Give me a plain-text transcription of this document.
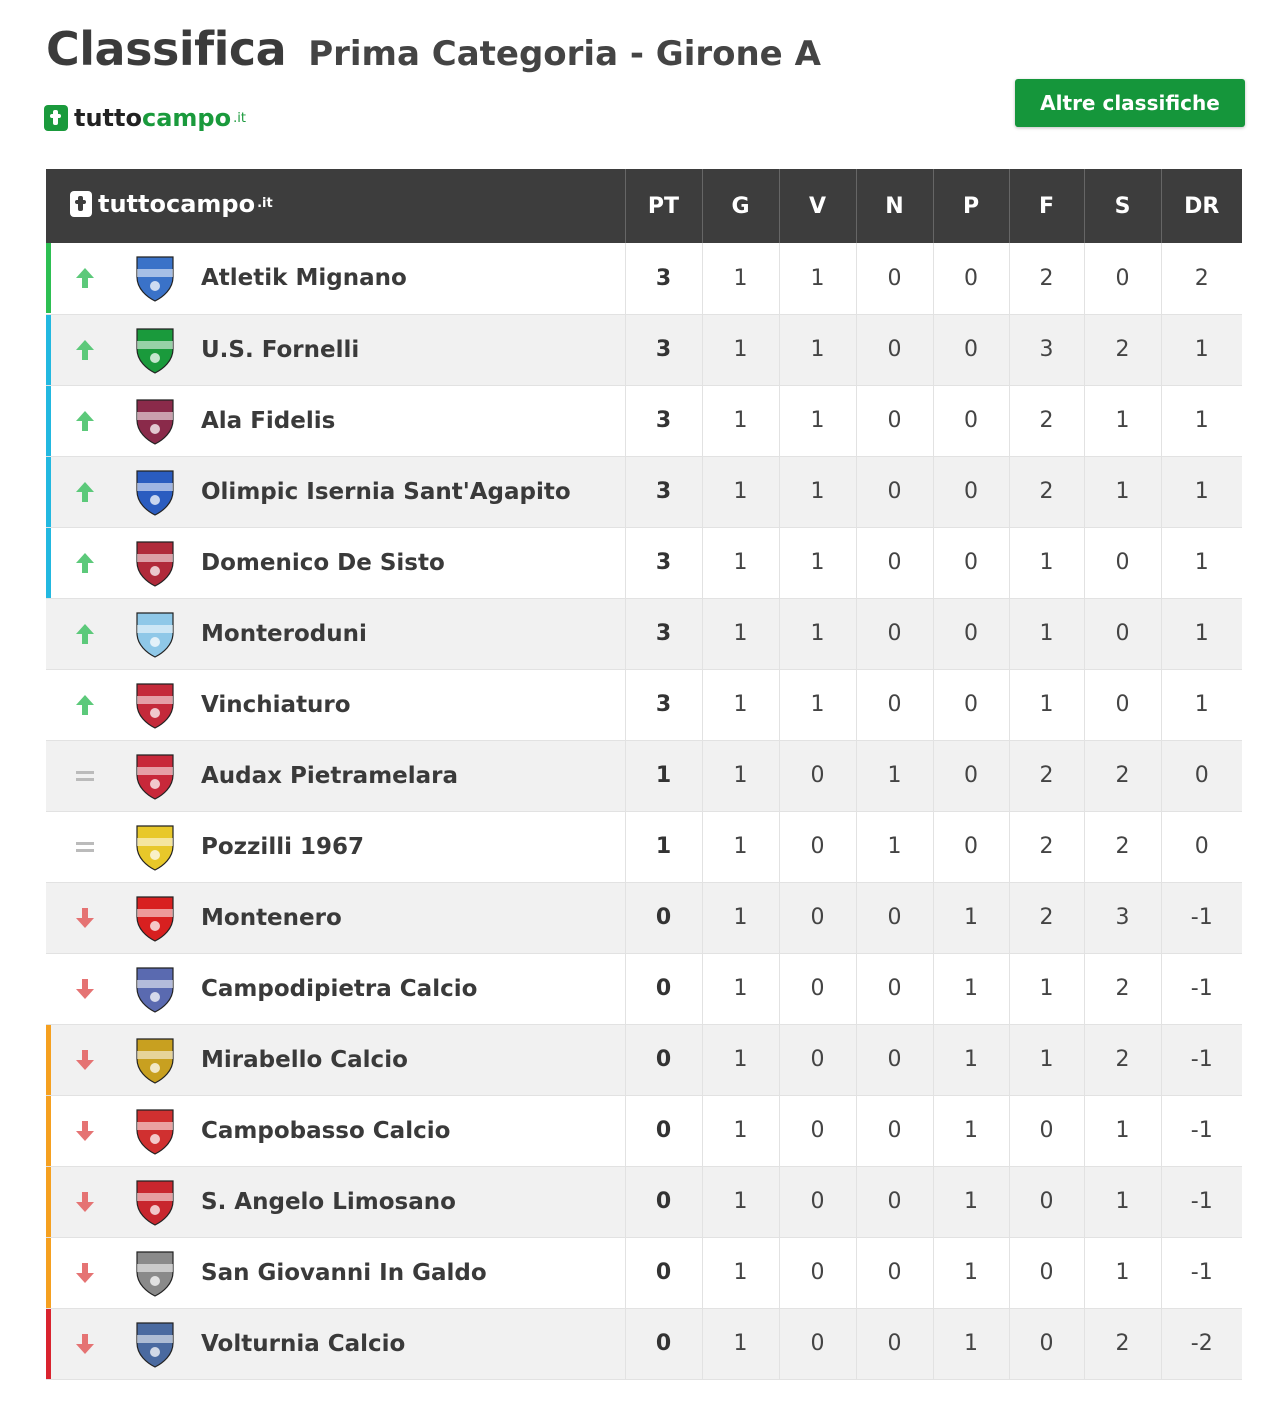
Classifica Prima Categoria - Girone A
tuttocampo .it
Altre classifiche
tuttocampo .it	PT	G	V	N	P	F	S	DR

Atletik Mignano	3	1	1	0	0	2	0	2

U.S. Fornelli	3	1	1	0	0	3	2	1

Ala Fidelis	3	1	1	0	0	2	1	1

Olimpic Isernia Sant'Agapito	3	1	1	0	0	2	1	1

Domenico De Sisto	3	1	1	0	0	1	0	1

Monteroduni	3	1	1	0	0	1	0	1

Vinchiaturo	3	1	1	0	0	1	0	1

Audax Pietramelara	1	1	0	1	0	2	2	0

Pozzilli 1967	1	1	0	1	0	2	2	0

Montenero	0	1	0	0	1	2	3	-1

Campodipietra Calcio	0	1	0	0	1	1	2	-1

Mirabello Calcio	0	1	0	0	1	1	2	-1

Campobasso Calcio	0	1	0	0	1	0	1	-1

S. Angelo Limosano	0	1	0	0	1	0	1	-1

San Giovanni In Galdo	0	1	0	0	1	0	1	-1

Volturnia Calcio	0	1	0	0	1	0	2	-2
